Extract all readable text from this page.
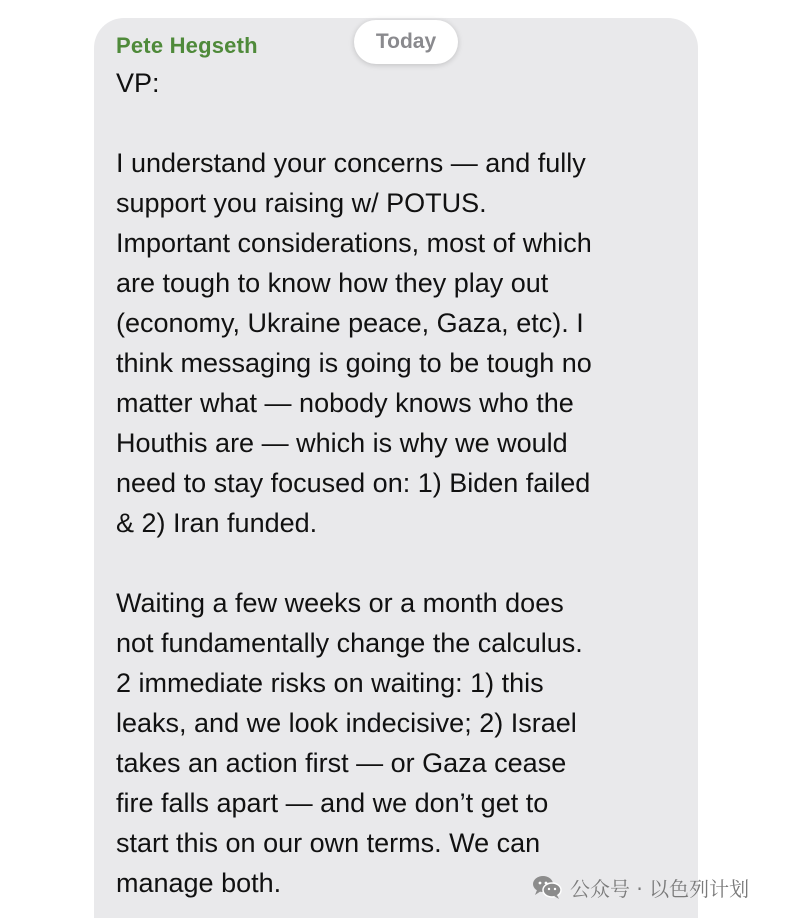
Pete Hegseth	Today
VP:
I understand your concerns — and fully
support you raising w/ POTUS.
Important considerations, most of which
are tough to know how they play out
(economy, Ukraine peace, Gaza, etc). I
think messaging is going to be tough no
matter what — nobody knows who the
Houthis are — which is why we would
need to stay focused on: 1) Biden failed
& 2) Iran funded.
Waiting a few weeks or a month does
not fundamentally change the calculus.
2 immediate risks on waiting: 1) this
leaks, and we look indecisive; 2) Israel
takes an action first — or Gaza cease
fire falls apart — and we don’t get to
start this on our own terms. We can
manage both.	公众号 · 以色列计划
